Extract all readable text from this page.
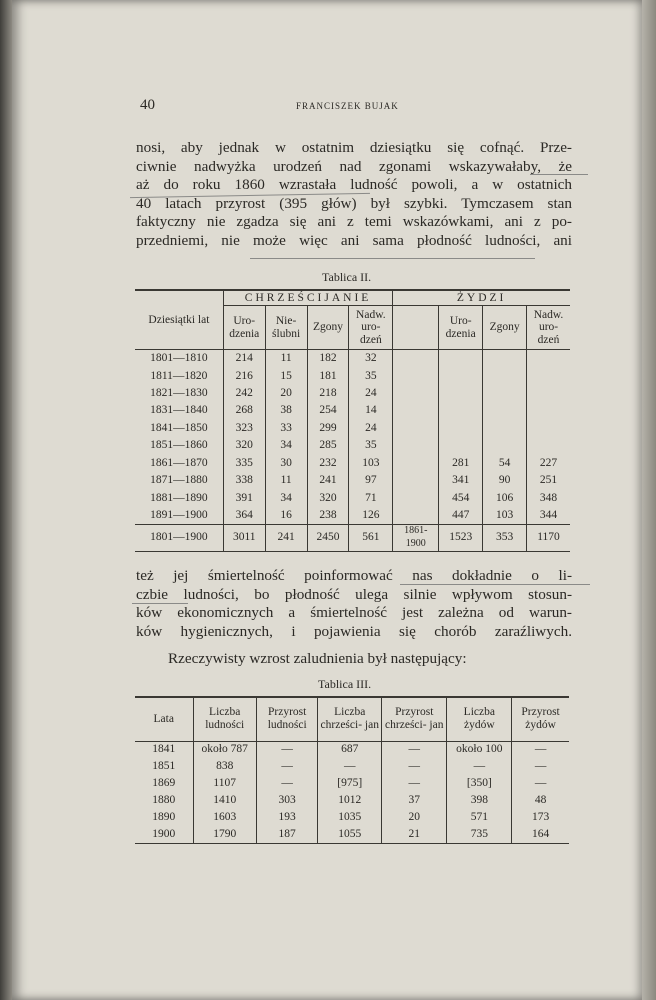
40	FRANCISZEK BUJAK
nosi, aby jednak w ostatnim dziesiątku się cofnąć. Prze-
ciwnie nadwyżka urodzeń nad zgonami wskazywałaby, że
aż do roku 1860 wzrastała ludność powoli, a w ostatnich
40 latach przyrost (395 głów) był szybki. Tymczasem stan
faktyczny nie zgadza się ani z temi wskazówkami, ani z po-
przedniemi, nie może więc ani sama płodność ludności, ani
Tablica II.
Dziesiątki lat	CHRZEŚCIJANIE				ŻYDZI			
	Uro- dzenia	Nie- ślubni	Zgony	Nadw. uro- dzeń		Uro- dzenia	Zgony	Nadw. uro- dzeń
1801—1810	214	11	182	32				
1811—1820	216	15	181	35				
1821—1830	242	20	218	24				
1831—1840	268	38	254	14				
1841—1850	323	33	299	24				
1851—1860	320	34	285	35				
1861—1870	335	30	232	103		281	54	227
1871—1880	338	11	241	97		341	90	251
1881—1890	391	34	320	71		454	106	348
1891—1900	364	16	238	126		447	103	344
1801—1900	3011	241	2450	561	1861-1900	1523	353	1170
też jej śmiertelność poinformować nas dokładnie o li-
czbie ludności, bo płodność ulega silnie wpływom stosun-
ków ekonomicznych a śmiertelność jest zależna od warun-
ków hygienicznych, i pojawienia się chorób zaraźliwych.
Rzeczywisty wzrost zaludnienia był następujący:
Tablica III.
Lata	Liczba ludności	Przyrost ludności	Liczba chrześci- jan	Przyrost chrześci- jan	Liczba żydów	Przyrost żydów
1841	około 787	—	687	—	około 100	—
1851	838	—	—	—	—	—
1869	1107	—	[975]	—	[350]	—
1880	1410	303	1012	37	398	48
1890	1603	193	1035	20	571	173
1900	1790	187	1055	21	735	164
